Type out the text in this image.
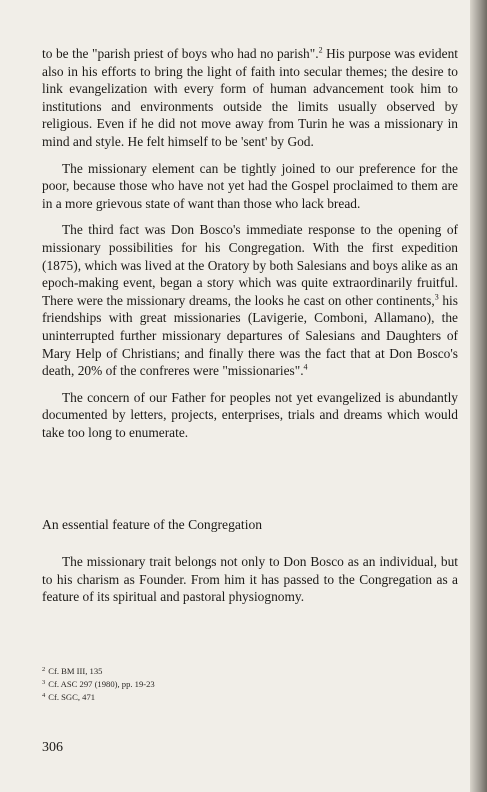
to be the "parish priest of boys who had no parish".$^2$ His purpose was evident also in his efforts to bring the light of faith into secular themes; the desire to link evangelization with every form of human advancement took him to institutions and environments outside the limits usually observed by religious. Even if he did not move away from Turin he was a missionary in mind and style. He felt himself to be 'sent' by God.

The missionary element can be tightly joined to our preference for the poor, because those who have not yet had the Gospel proclaimed to them are in a more grievous state of want than those who lack bread.

The third fact was Don Bosco's immediate response to the opening of missionary possibilities for his Congregation. With the first expedition (1875), which was lived at the Oratory by both Salesians and boys alike as an epoch-making event, began a story which was quite extraordinarily fruitful. There were the missionary dreams, the looks he cast on other continents,$^3$ his friendships with great missionaries (Lavigerie, Comboni, Allamano), the uninterrupted further missionary departures of Salesians and Daughters of Mary Help of Christians; and finally there was the fact that at Don Bosco's death, 20% of the confreres were "missionaries".$^4$

The concern of our Father for peoples not yet evangelized is abundantly documented by letters, projects, enterprises, trials and dreams which would take too long to enumerate.

An essential feature of the Congregation
The missionary trait belongs not only to Don Bosco as an individual, but to his charism as Founder. From him it has passed to the Congregation as a feature of its spiritual and pastoral physiognomy.
$^2$ Cf. BM III, 135
$^3$ Cf. ASC 297 (1980), pp. 19-23
$^4$ Cf. SGC, 471
306
